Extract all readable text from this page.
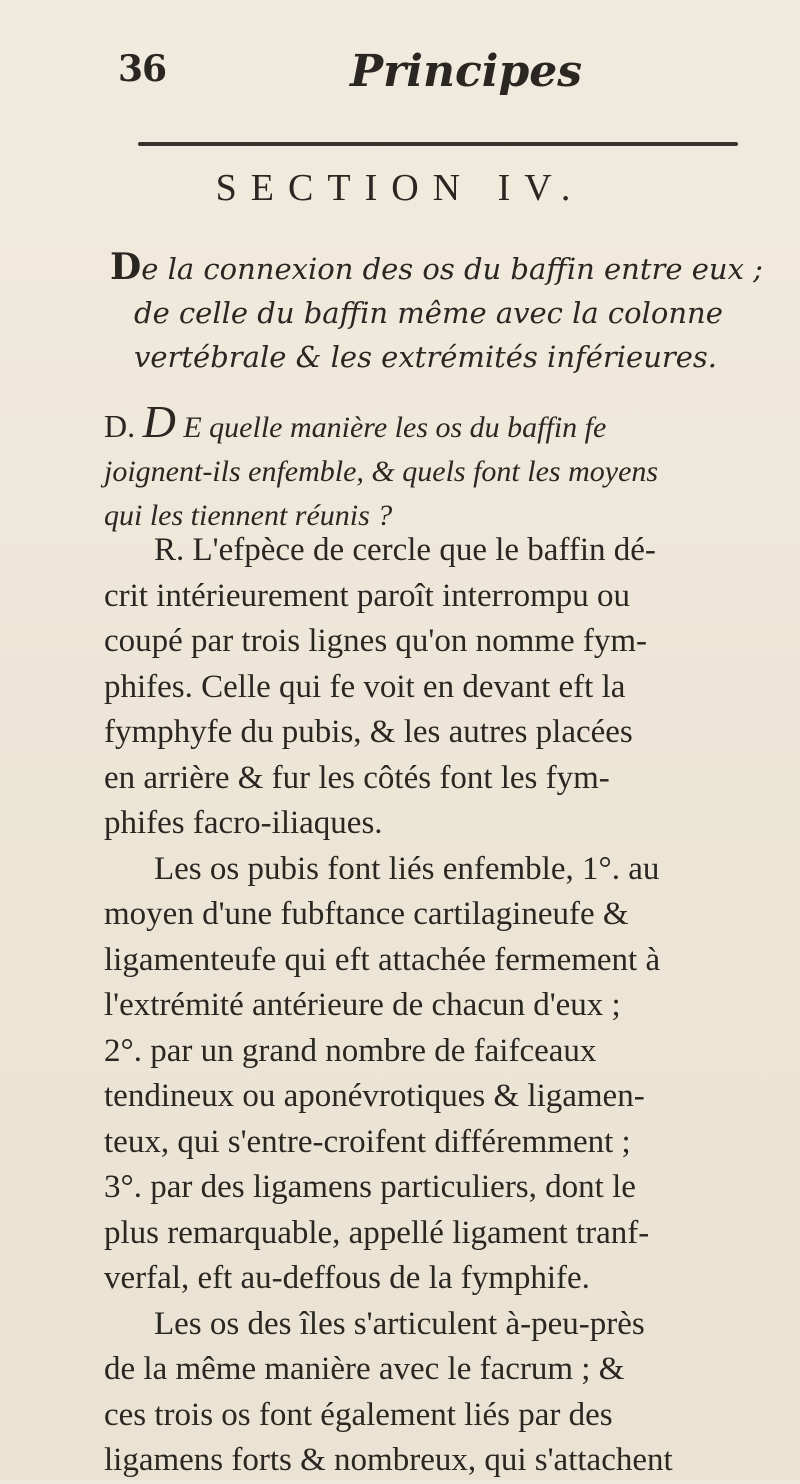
36	Principes
SECTION IV.
De la connexion des os du baffin entre eux ;
de celle du baffin même avec la colonne
vertébrale & les extrémités inférieures.
D. D E quelle manière les os du baffin fe
joignent-ils enfemble, & quels font les moyens
qui les tiennent réunis ?
R. L'efpèce de cercle que le baffin dé-
crit intérieurement paroît interrompu ou
coupé par trois lignes qu'on nomme fym-
phifes. Celle qui fe voit en devant eft la
fymphyfe du pubis, & les autres placées
en arrière & fur les côtés font les fym-
phifes facro-iliaques.
Les os pubis font liés enfemble, 1°. au
moyen d'une fubftance cartilagineufe &
ligamenteufe qui eft attachée fermement à
l'extrémité antérieure de chacun d'eux ;
2°. par un grand nombre de faifceaux
tendineux ou aponévrotiques & ligamen-
teux, qui s'entre-croifent différemment ;
3°. par des ligamens particuliers, dont le
plus remarquable, appellé ligament tranf-
verfal, eft au-deffous de la fymphife.
Les os des îles s'articulent à-peu-près
de la même manière avec le facrum ; &
ces trois os font également liés par des
ligamens forts & nombreux, qui s'attachent
